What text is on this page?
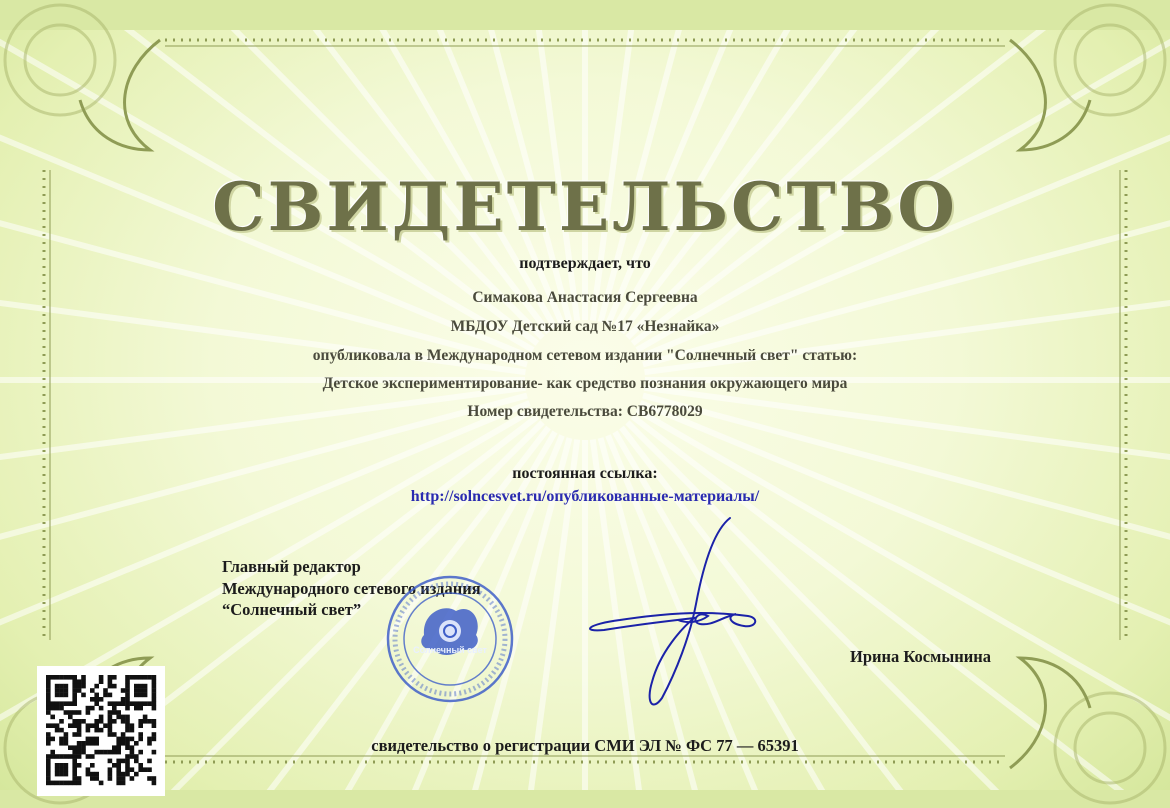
СВИДЕТЕЛЬСТВО
подтверждает, что
Симакова Анастасия Сергеевна
МБДОУ Детский сад №17 «Незнайка»
опубликовала в Международном сетевом издании "Солнечный свет" статью:
Детское экспериментирование- как средство познания окружающего мира
Номер свидетельства: СВ6778029
постоянная ссылка:
http://solncesvet.ru/опубликованные-материалы/
Главный редактор
Международного сетевого издания
“Солнечный свет”
Солнечный свет	Ирина Космынина
свидетельство о регистрации СМИ ЭЛ № ФС 77 — 65391
